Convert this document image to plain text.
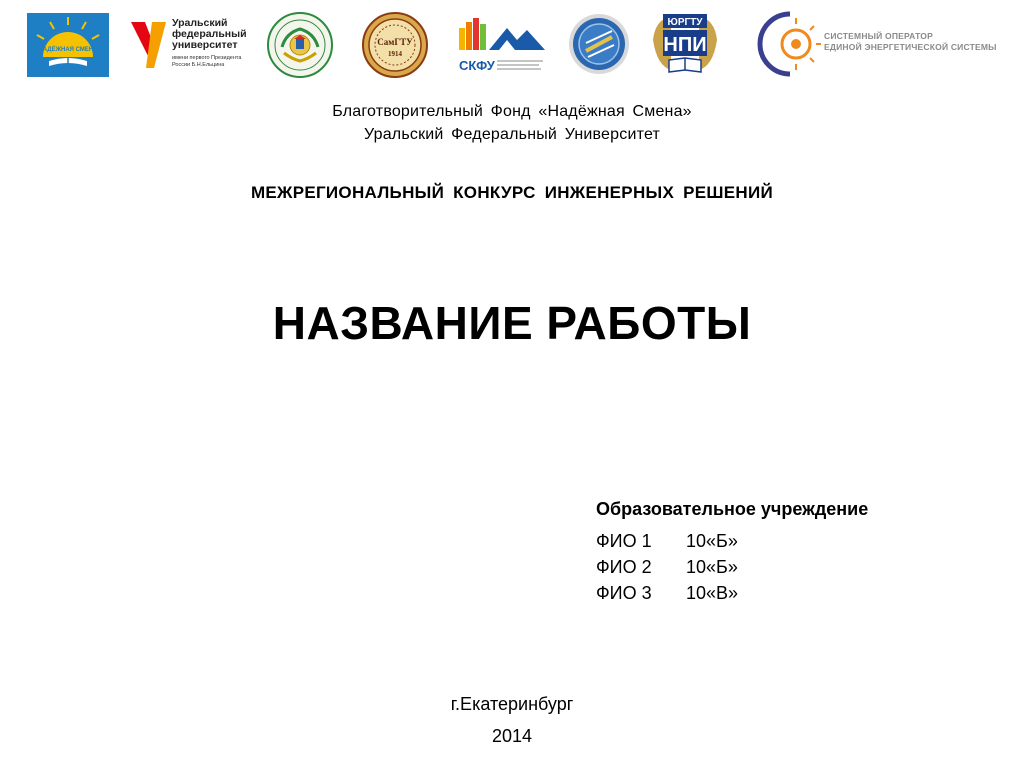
НАДЁЖНАЯ СМЕНА
Уральский
федеральный
университет
имени первого Президента
России Б.Н.Ельцина
СамГТУ
1914
СКФУ
ЮРГТУ
НПИ	СИСТЕМНЫЙ ОПЕРАТОР
ЕДИНОЙ ЭНЕРГЕТИЧЕСКОЙ СИСТЕМЫ
Благотворительный Фонд «Надёжная Смена»
Уральский Федеральный Университет
МЕЖРЕГИОНАЛЬНЫЙ КОНКУРС ИНЖЕНЕРНЫХ РЕШЕНИЙ
НАЗВАНИЕ РАБОТЫ
Образовательное учреждение
ФИО 1 10«Б»
ФИО 2 10«Б»
ФИО 3 10«В»
г.Екатеринбург
2014
